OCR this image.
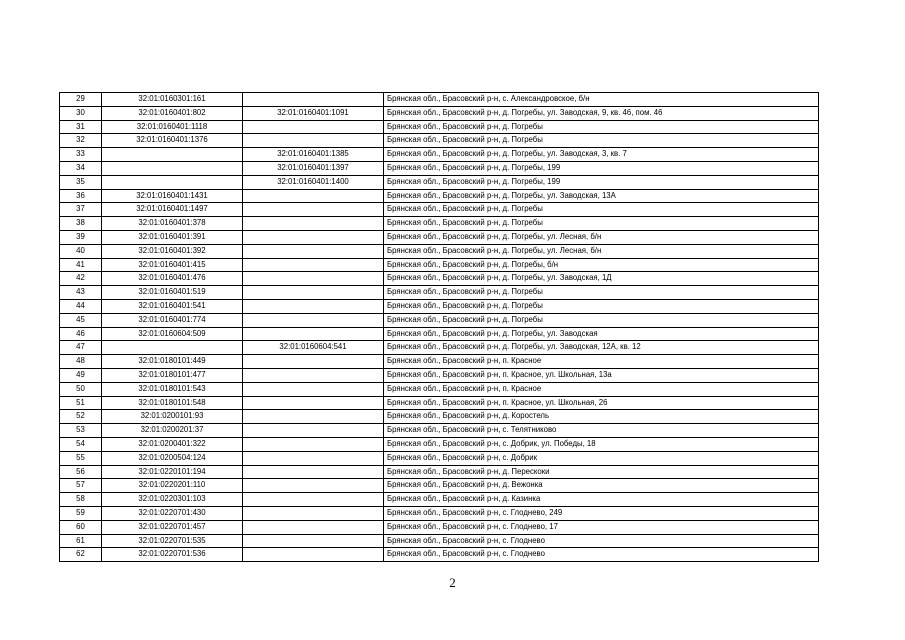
29	32:01:0160301:161		Брянская обл., Брасовский р-н, с. Александровское, б/н
30	32:01:0160401:802	32:01:0160401:1091	Брянская обл., Брасовский р-н, д. Погребы, ул. Заводская, 9, кв. 46, пом. 46
31	32:01:0160401:1118		Брянская обл., Брасовский р-н, д. Погребы
32	32:01:0160401:1376		Брянская обл., Брасовский р-н, д. Погребы
33		32:01:0160401:1385	Брянская обл., Брасовский р-н, д. Погребы, ул. Заводская, 3, кв. 7
34		32:01:0160401:1397	Брянская обл., Брасовский р-н, д. Погребы, 199
35		32:01:0160401:1400	Брянская обл., Брасовский р-н, д. Погребы, 199
36	32:01:0160401:1431		Брянская обл., Брасовский р-н, д. Погребы, ул. Заводская, 13А
37	32:01:0160401:1497		Брянская обл., Брасовский р-н, д. Погребы
38	32:01:0160401:378		Брянская обл., Брасовский р-н, д. Погребы
39	32:01:0160401:391		Брянская обл., Брасовский р-н, д. Погребы, ул. Лесная, б/н
40	32:01:0160401:392		Брянская обл., Брасовский р-н, д. Погребы, ул. Лесная, б/н
41	32:01:0160401:415		Брянская обл., Брасовский р-н, д. Погребы, б/н
42	32:01:0160401:476		Брянская обл., Брасовский р-н, д. Погребы, ул. Заводская, 1Д
43	32:01:0160401:519		Брянская обл., Брасовский р-н, д. Погребы
44	32:01:0160401:541		Брянская обл., Брасовский р-н, д. Погребы
45	32:01:0160401:774		Брянская обл., Брасовский р-н, д. Погребы
46	32:01:0160604:509		Брянская обл., Брасовский р-н, д. Погребы, ул. Заводская
47		32:01:0160604:541	Брянская обл., Брасовский р-н, д. Погребы, ул. Заводская, 12А, кв. 12
48	32:01:0180101:449		Брянская обл., Брасовский р-н, п. Красное
49	32:01:0180101:477		Брянская обл., Брасовский р-н, п. Красное, ул. Школьная, 13а
50	32:01:0180101:543		Брянская обл., Брасовский р-н, п. Красное
51	32:01:0180101:548		Брянская обл., Брасовский р-н, п. Красное, ул. Школьная, 26
52	32:01:0200101:93		Брянская обл., Брасовский р-н, д. Коростель
53	32:01:0200201:37		Брянская обл., Брасовский р-н, с. Телятниково
54	32:01:0200401:322		Брянская обл., Брасовский р-н, с. Добрик, ул. Победы, 18
55	32:01:0200504:124		Брянская обл., Брасовский р-н, с. Добрик
56	32:01:0220101:194		Брянская обл., Брасовский р-н, д. Перескоки
57	32:01:0220201:110		Брянская обл., Брасовский р-н, д. Вежонка
58	32:01:0220301:103		Брянская обл., Брасовский р-н, д. Казинка
59	32:01:0220701:430		Брянская обл., Брасовский р-н, с. Глоднево, 249
60	32:01:0220701:457		Брянская обл., Брасовский р-н, с. Глоднево, 17
61	32:01:0220701:535		Брянская обл., Брасовский р-н, с. Глоднево
62	32:01:0220701:536		Брянская обл., Брасовский р-н, с. Глоднево
2
